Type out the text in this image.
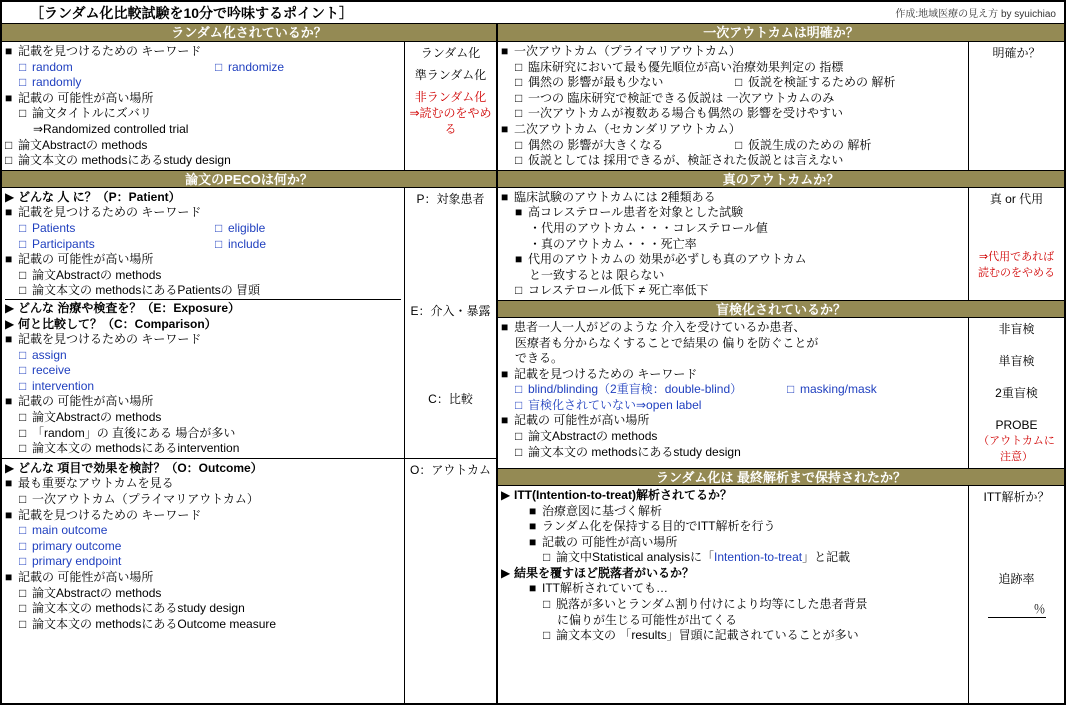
［ランダム化比較試験を10分で吟味するポイント］	作成:地域医療の見え方 by syuichiao
ランダム化されているか？
■ 記載を見つけるための キーワード
□ random	□ randomize
□ randomly
■ 記載の 可能性が高い場所
□ 論文タイトルにズバリ
⇒Randomized controlled trial
□ 論文Abstractの methods
□ 論文本文の methodsにあるstudy design
ランダム化
準ランダム化
非ランダム化
⇒読むのをやめる
論文のPECOは何か？
▶ どんな 人 に？（P：Patient）
■ 記載を見つけるための キーワード
□ Patients	□ eligible
□ Participants	□ include
■ 記載の 可能性が高い場所
□ 論文Abstractの methods
□ 論文本文の methodsにあるPatientsの 冒頭
▶ どんな 治療や検査を？（E：Exposure）
▶ 何と比較して？（C：Comparison）
■ 記載を見つけるための キーワード
□ assign
□ receive
□ intervention
■ 記載の 可能性が高い場所
□ 論文Abstractの methods
□ 「random」の 直後にある 場合が多い
□ 論文本文の methodsにあるintervention
P：対象患者
E：介入・暴露
C：比較
▶ どんな 項目で効果を検討？（O：Outcome）
■ 最も重要なアウトカムを見る
□ 一次アウトカム（プライマリアウトカム）
■ 記載を見つけるための キーワード
□ main outcome
□ primary outcome
□ primary endpoint
■ 記載の 可能性が高い場所
□ 論文Abstractの methods
□ 論文本文の methodsにあるstudy design
□ 論文本文の methodsにあるOutcome measure
O：アウトカム
一次アウトカムは明確か？
■ 一次アウトカム（プライマリアウトカム）
□ 臨床研究において最も優先順位が高い治療効果判定の 指標
□ 偶然の 影響が最も少ない	□ 仮説を検証するための 解析
□ 一つの 臨床研究で検証できる仮説は 一次アウトカムのみ
□ 一次アウトカムが複数ある場合も偶然の 影響を受けやすい
■ 二次アウトカム（セカンダリアウトカム）
□ 偶然の 影響が大きくなる	□ 仮説生成のための 解析
□ 仮説としては 採用できるが、検証された仮説とは言えない
明確か？
真のアウトカムか？
■ 臨床試験のアウトカムには 2種類ある
■ 高コレステロール患者を対象とした試験
・代用のアウトカム・・・コレステロール値
・真のアウトカム・・・死亡率
■ 代用のアウトカムの 効果が必ずしも真のアウトカム
と一致するとは 限らない
□ コレステロール低下 ≠ 死亡率低下
真 or 代用
⇒代用であれば
読むのをやめる
盲検化されているか？
■ 患者一人一人がどのような 介入を受けているか患者、
医療者も分からなくすることで結果の 偏りを防ぐことが
できる。
■ 記載を見つけるための キーワード
□ blind/blinding（2重盲検：double-blind）	□ masking/mask
□ 盲検化されていない⇒open label
■ 記載の 可能性が高い場所
□ 論文Abstractの methods
□ 論文本文の methodsにあるstudy design
非盲検
単盲検
2重盲検
PROBE
（アウトカムに注意）
ランダム化は 最終解析まで保持されたか？
▶ ITT(Intention-to-treat)解析されてるか？
■ 治療意図に基づく解析
■ ランダム化を保持する目的でITT解析を行う
■ 記載の 可能性が高い場所
□ 論文中Statistical analysisに「Intention-to-treat」と記載
▶ 結果を覆すほど脱落者がいるか？
■ ITT解析されていても…
□ 脱落が多いとランダム割り付けにより均等にした患者背景
に偏りが生じる可能性が出てくる
□ 論文本文の 「results」冒頭に記載されていることが多い
ITT解析か？
追跡率
％
